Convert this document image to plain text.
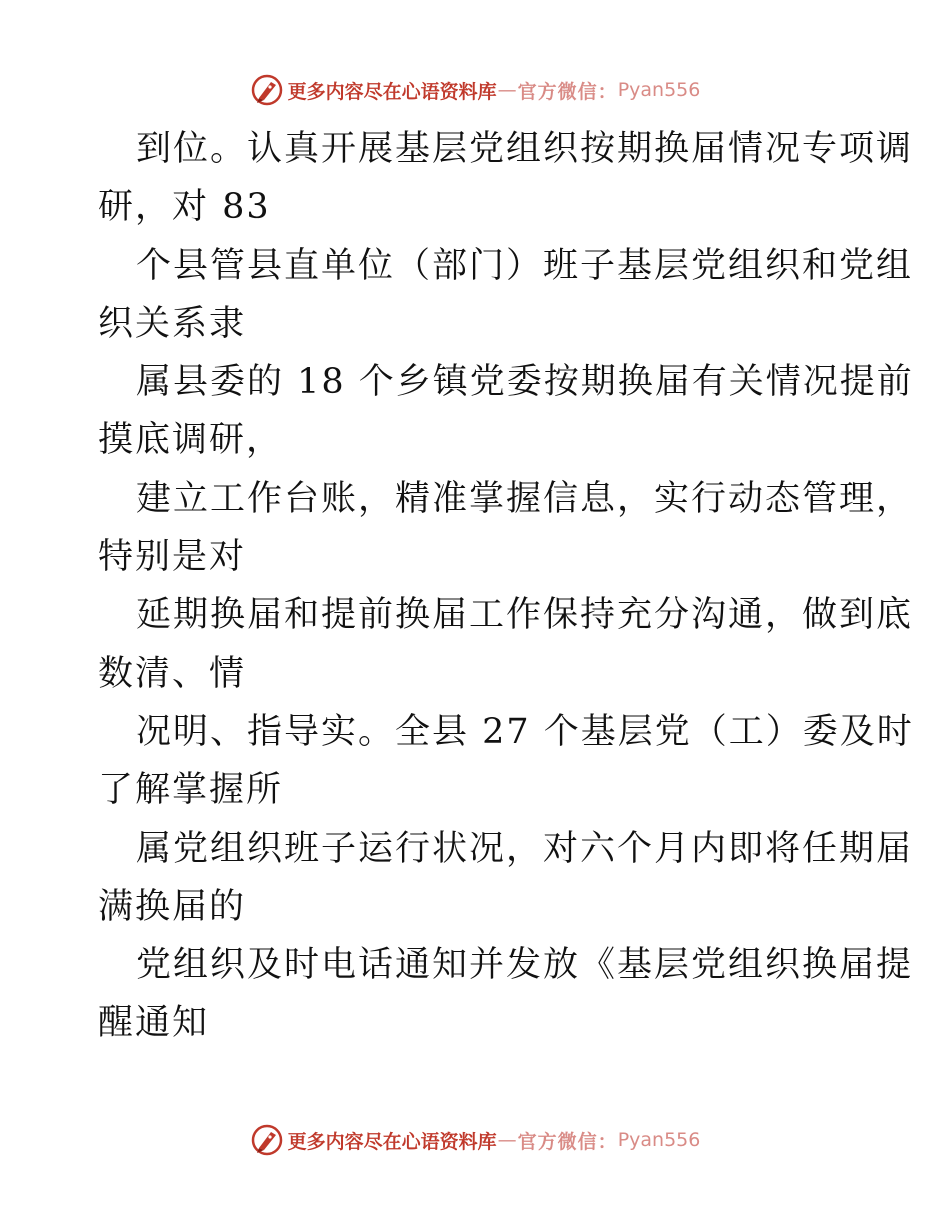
更多内容尽在心语资料库 — 官方微信： Pyan556
到位。认真开展基层党组织按期换届情况专项调
研，对 83
个县管县直单位（部门）班子基层党组织和党组
织关系隶
属县委的 18 个乡镇党委按期换届有关情况提前
摸底调研，
建立工作台账，精准掌握信息，实行动态管理，
特别是对
延期换届和提前换届工作保持充分沟通，做到底
数清、情
况明、指导实。全县 27 个基层党（工）委及时
了解掌握所
属党组织班子运行状况，对六个月内即将任期届
满换届的
党组织及时电话通知并发放《基层党组织换届提
醒通知
更多内容尽在心语资料库 — 官方微信： Pyan556
